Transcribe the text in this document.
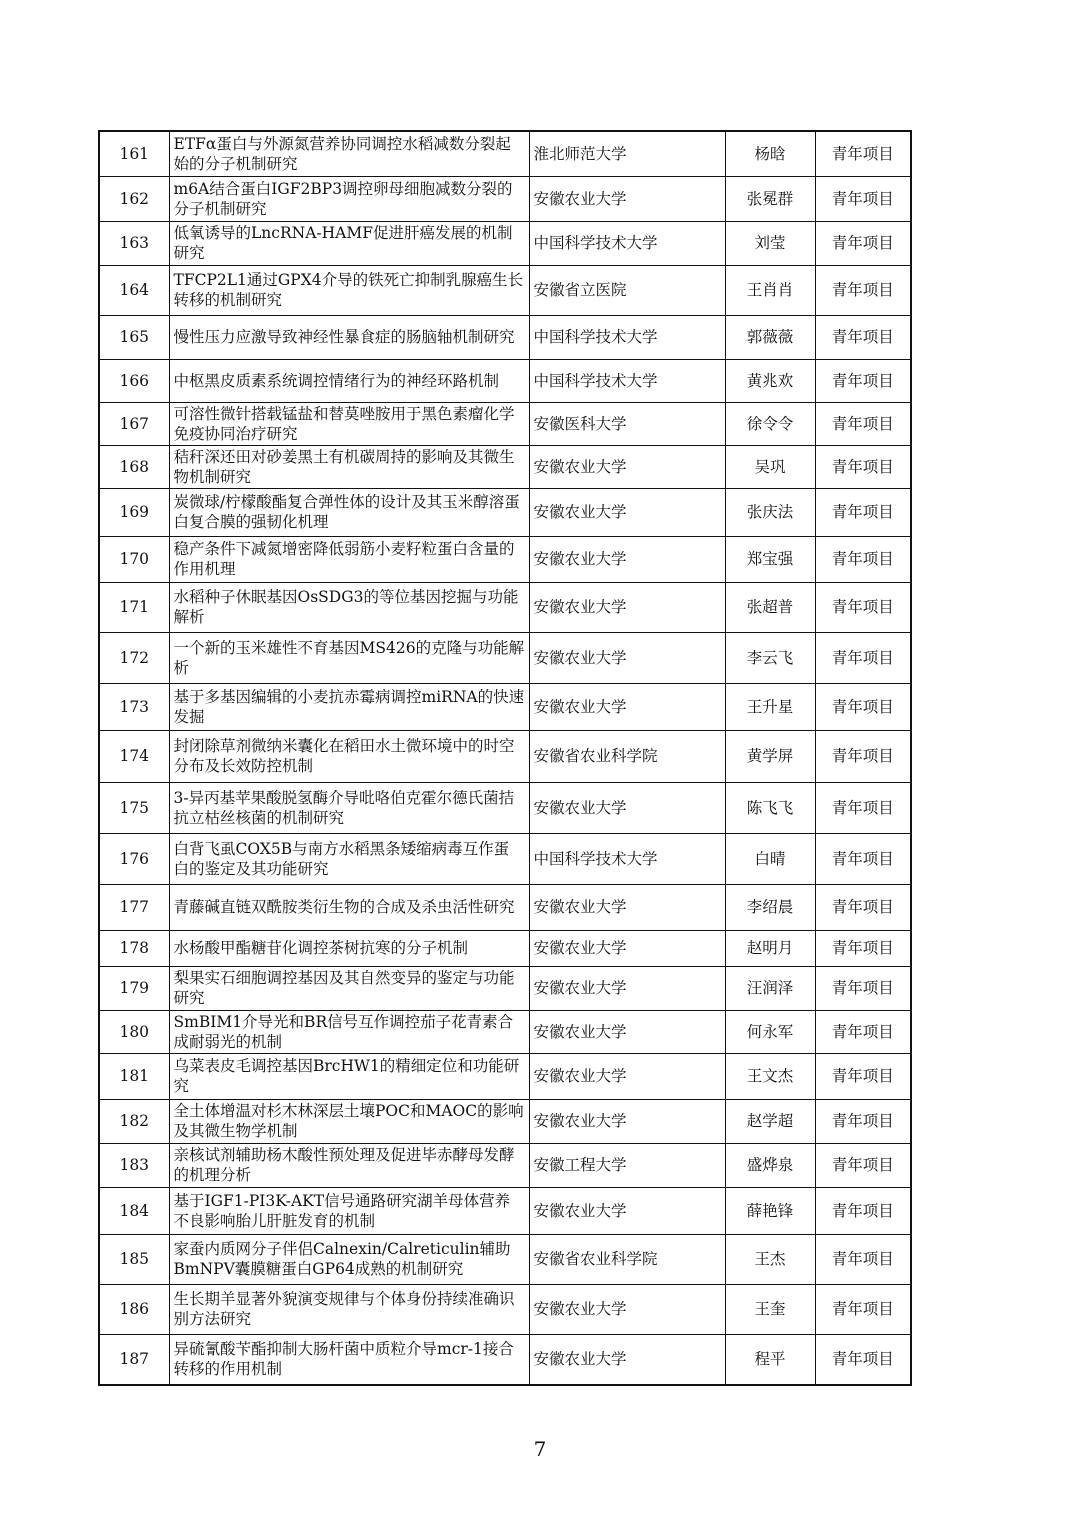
161	ETFα蛋白与外源氮营养协同调控水稻减数分裂起始的分子机制研究	淮北师范大学	杨晗	青年项目
162	m6A结合蛋白IGF2BP3调控卵母细胞减数分裂的分子机制研究	安徽农业大学	张冕群	青年项目
163	低氧诱导的LncRNA-HAMF促进肝癌发展的机制研究	中国科学技术大学	刘莹	青年项目
164	TFCP2L1通过GPX4介导的铁死亡抑制乳腺癌生长转移的机制研究	安徽省立医院	王肖肖	青年项目
165	慢性压力应激导致神经性暴食症的肠脑轴机制研究	中国科学技术大学	郭薇薇	青年项目
166	中枢黑皮质素系统调控情绪行为的神经环路机制	中国科学技术大学	黄兆欢	青年项目
167	可溶性微针搭载锰盐和替莫唑胺用于黑色素瘤化学免疫协同治疗研究	安徽医科大学	徐令令	青年项目
168	秸秆深还田对砂姜黑土有机碳周持的影响及其微生物机制研究	安徽农业大学	吴巩	青年项目
169	炭微球/柠檬酸酯复合弹性体的设计及其玉米醇溶蛋白复合膜的强韧化机理	安徽农业大学	张庆法	青年项目
170	稳产条件下减氮增密降低弱筋小麦籽粒蛋白含量的作用机理	安徽农业大学	郑宝强	青年项目
171	水稻种子休眠基因OsSDG3的等位基因挖掘与功能解析	安徽农业大学	张超普	青年项目
172	一个新的玉米雄性不育基因MS426的克隆与功能解析	安徽农业大学	李云飞	青年项目
173	基于多基因编辑的小麦抗赤霉病调控miRNA的快速发掘	安徽农业大学	王升星	青年项目
174	封闭除草剂微纳米囊化在稻田水土微环境中的时空分布及长效防控机制	安徽省农业科学院	黄学屏	青年项目
175	3-异丙基苹果酸脱氢酶介导吡咯伯克霍尔德氏菌拮抗立枯丝核菌的机制研究	安徽农业大学	陈飞飞	青年项目
176	白背飞虱COX5B与南方水稻黑条矮缩病毒互作蛋白的鉴定及其功能研究	中国科学技术大学	白晴	青年项目
177	青藤碱直链双酰胺类衍生物的合成及杀虫活性研究	安徽农业大学	李绍晨	青年项目
178	水杨酸甲酯糖苷化调控茶树抗寒的分子机制	安徽农业大学	赵明月	青年项目
179	梨果实石细胞调控基因及其自然变异的鉴定与功能研究	安徽农业大学	汪润泽	青年项目
180	SmBIM1介导光和BR信号互作调控茄子花青素合成耐弱光的机制	安徽农业大学	何永军	青年项目
181	乌菜表皮毛调控基因BrcHW1的精细定位和功能研究	安徽农业大学	王文杰	青年项目
182	全土体增温对杉木林深层土壤POC和MAOC的影响及其微生物学机制	安徽农业大学	赵学超	青年项目
183	亲核试剂辅助杨木酸性预处理及促进毕赤酵母发酵的机理分析	安徽工程大学	盛烨泉	青年项目
184	基于IGF1-PI3K-AKT信号通路研究湖羊母体营养不良影响胎儿肝脏发育的机制	安徽农业大学	薛艳锋	青年项目
185	家蚕内质网分子伴侣Calnexin/Calreticulin辅助BmNPV囊膜糖蛋白GP64成熟的机制研究	安徽省农业科学院	王杰	青年项目
186	生长期羊显著外貌演变规律与个体身份持续准确识别方法研究	安徽农业大学	王奎	青年项目
187	异硫氰酸苄酯抑制大肠杆菌中质粒介导mcr-1接合转移的作用机制	安徽农业大学	程平	青年项目
7
